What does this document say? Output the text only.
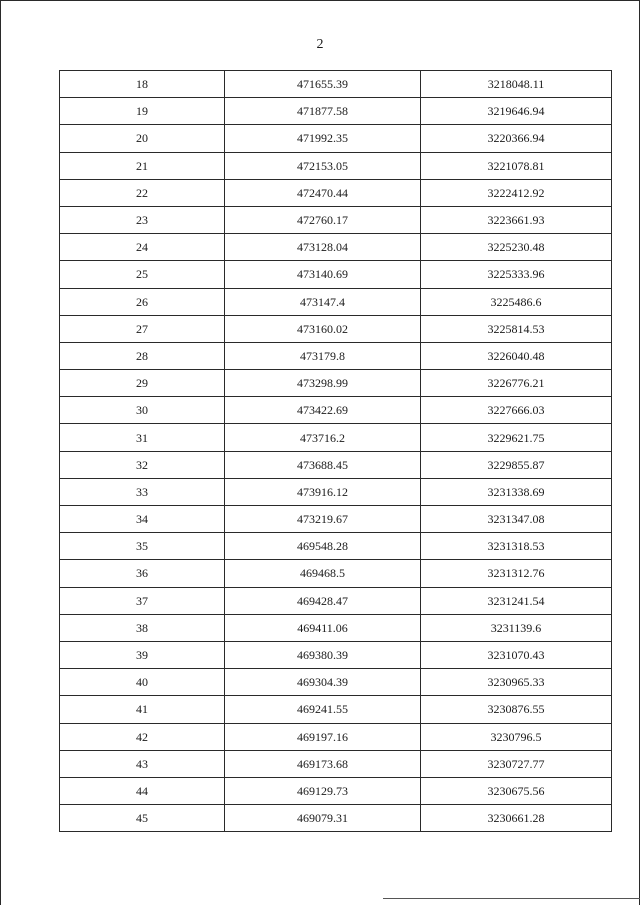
2
18	471655.39	3218048.11
19	471877.58	3219646.94
20	471992.35	3220366.94
21	472153.05	3221078.81
22	472470.44	3222412.92
23	472760.17	3223661.93
24	473128.04	3225230.48
25	473140.69	3225333.96
26	473147.4	3225486.6
27	473160.02	3225814.53
28	473179.8	3226040.48
29	473298.99	3226776.21
30	473422.69	3227666.03
31	473716.2	3229621.75
32	473688.45	3229855.87
33	473916.12	3231338.69
34	473219.67	3231347.08
35	469548.28	3231318.53
36	469468.5	3231312.76
37	469428.47	3231241.54
38	469411.06	3231139.6
39	469380.39	3231070.43
40	469304.39	3230965.33
41	469241.55	3230876.55
42	469197.16	3230796.5
43	469173.68	3230727.77
44	469129.73	3230675.56
45	469079.31	3230661.28
